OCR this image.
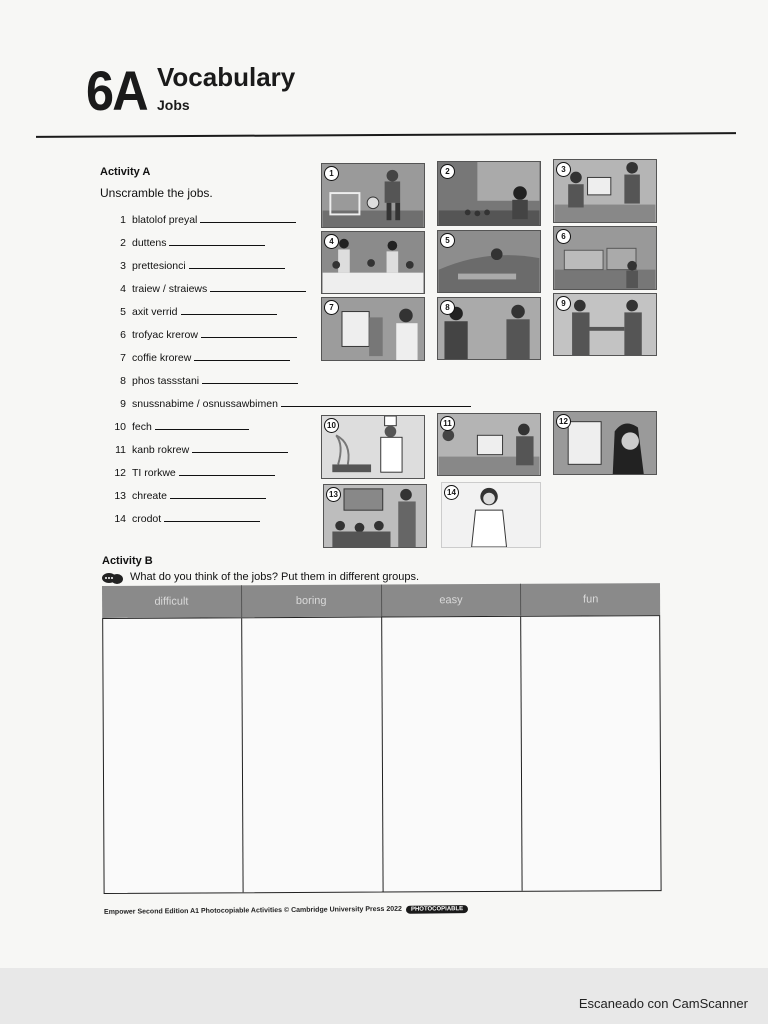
6A Vocabulary
Jobs
Activity A
Unscramble the jobs.
1 blatolof preyal
2 duttens
3 prettesionci
4 traiew / straiews
5 axit verrid
6 trofyac krerow
7 coffie krorew
8 phos tassstani
9 snussnabime / osnussawbimen
10 fech
11 kanb rokrew
12 TI rorkwe
13 chreate
14 crodot
1	2	3
4	5	6
7	8	9
10	11	12
13	14
Activity B
What do you think of the jobs? Put them in different groups.
difficult	boring	easy	fun
Empower Second Edition A1 Photocopiable Activities © Cambridge University Press 2022 PHOTOCOPIABLE
Escaneado con CamScanner
